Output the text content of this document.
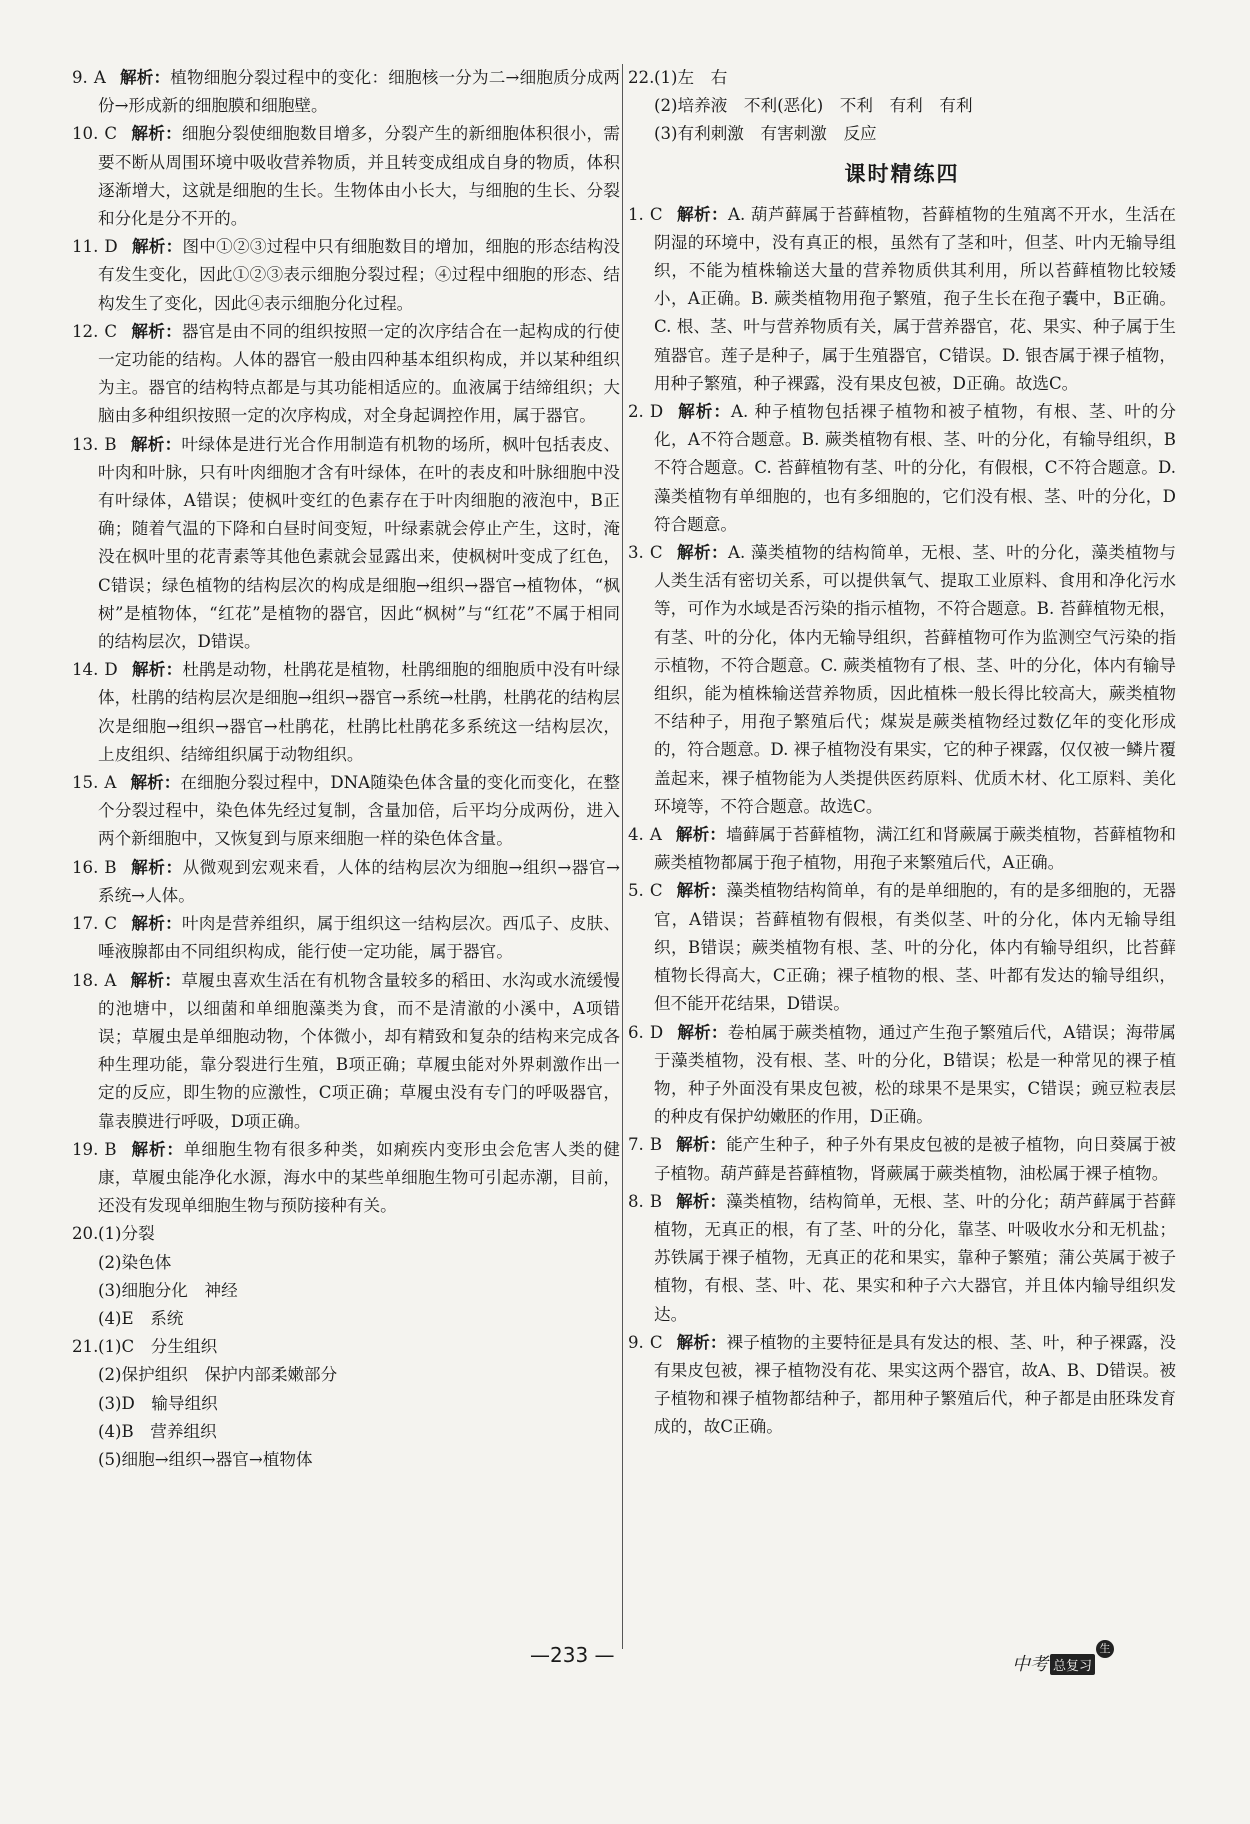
9. A 解析：植物细胞分裂过程中的变化：细胞核一分为二→细胞质分成两份→形成新的细胞膜和细胞壁。

10. C 解析：细胞分裂使细胞数目增多，分裂产生的新细胞体积很小，需要不断从周围环境中吸收营养物质，并且转变成组成自身的物质，体积逐渐增大，这就是细胞的生长。生物体由小长大，与细胞的生长、分裂和分化是分不开的。

11. D 解析：图中①②③过程中只有细胞数目的增加，细胞的形态结构没有发生变化，因此①②③表示细胞分裂过程；④过程中细胞的形态、结构发生了变化，因此④表示细胞分化过程。

12. C 解析：器官是由不同的组织按照一定的次序结合在一起构成的行使一定功能的结构。人体的器官一般由四种基本组织构成，并以某种组织为主。器官的结构特点都是与其功能相适应的。血液属于结缔组织；大脑由多种组织按照一定的次序构成，对全身起调控作用，属于器官。

13. B 解析：叶绿体是进行光合作用制造有机物的场所，枫叶包括表皮、叶肉和叶脉，只有叶肉细胞才含有叶绿体，在叶的表皮和叶脉细胞中没有叶绿体，A错误；使枫叶变红的色素存在于叶肉细胞的液泡中，B正确；随着气温的下降和白昼时间变短，叶绿素就会停止产生，这时，淹没在枫叶里的花青素等其他色素就会显露出来，使枫树叶变成了红色，C错误；绿色植物的结构层次的构成是细胞→组织→器官→植物体，“枫树”是植物体，“红花”是植物的器官，因此“枫树”与“红花”不属于相同的结构层次，D错误。

14. D 解析：杜鹃是动物，杜鹃花是植物，杜鹃细胞的细胞质中没有叶绿体，杜鹃的结构层次是细胞→组织→器官→系统→杜鹃，杜鹃花的结构层次是细胞→组织→器官→杜鹃花，杜鹃比杜鹃花多系统这一结构层次，上皮组织、结缔组织属于动物组织。

15. A 解析：在细胞分裂过程中，DNA随染色体含量的变化而变化，在整个分裂过程中，染色体先经过复制，含量加倍，后平均分成两份，进入两个新细胞中，又恢复到与原来细胞一样的染色体含量。

16. B 解析：从微观到宏观来看，人体的结构层次为细胞→组织→器官→系统→人体。

17. C 解析：叶肉是营养组织，属于组织这一结构层次。西瓜子、皮肤、唾液腺都由不同组织构成，能行使一定功能，属于器官。

18. A 解析：草履虫喜欢生活在有机物含量较多的稻田、水沟或水流缓慢的池塘中，以细菌和单细胞藻类为食，而不是清澈的小溪中，A项错误；草履虫是单细胞动物，个体微小，却有精致和复杂的结构来完成各种生理功能，靠分裂进行生殖，B项正确；草履虫能对外界刺激作出一定的反应，即生物的应激性，C项正确；草履虫没有专门的呼吸器官，靠表膜进行呼吸，D项正确。

19. B 解析：单细胞生物有很多种类，如痢疾内变形虫会危害人类的健康，草履虫能净化水源，海水中的某些单细胞生物可引起赤潮，目前，还没有发现单细胞生物与预防接种有关。

20.(1)分裂

(2)染色体

(3)细胞分化　神经

(4)E　系统

21.(1)C　分生组织

(2)保护组织　保护内部柔嫩部分

(3)D　输导组织

(4)B　营养组织

(5)细胞→组织→器官→植物体

22.(1)左　右

(2)培养液　不利(恶化)　不利　有利　有利

(3)有利刺激　有害刺激　反应

课时精练四

1. C 解析：A. 葫芦藓属于苔藓植物，苔藓植物的生殖离不开水，生活在阴湿的环境中，没有真正的根，虽然有了茎和叶，但茎、叶内无输导组织，不能为植株输送大量的营养物质供其利用，所以苔藓植物比较矮小，A正确。B. 蕨类植物用孢子繁殖，孢子生长在孢子囊中，B正确。C. 根、茎、叶与营养物质有关，属于营养器官，花、果实、种子属于生殖器官。莲子是种子，属于生殖器官，C错误。D. 银杏属于裸子植物，用种子繁殖，种子裸露，没有果皮包被，D正确。故选C。

2. D 解析：A. 种子植物包括裸子植物和被子植物，有根、茎、叶的分化，A不符合题意。B. 蕨类植物有根、茎、叶的分化，有输导组织，B不符合题意。C. 苔藓植物有茎、叶的分化，有假根，C不符合题意。D. 藻类植物有单细胞的，也有多细胞的，它们没有根、茎、叶的分化，D符合题意。

3. C 解析：A. 藻类植物的结构简单，无根、茎、叶的分化，藻类植物与人类生活有密切关系，可以提供氧气、提取工业原料、食用和净化污水等，可作为水域是否污染的指示植物，不符合题意。B. 苔藓植物无根，有茎、叶的分化，体内无输导组织，苔藓植物可作为监测空气污染的指示植物，不符合题意。C. 蕨类植物有了根、茎、叶的分化，体内有输导组织，能为植株输送营养物质，因此植株一般长得比较高大，蕨类植物不结种子，用孢子繁殖后代；煤炭是蕨类植物经过数亿年的变化形成的，符合题意。D. 裸子植物没有果实，它的种子裸露，仅仅被一鳞片覆盖起来，裸子植物能为人类提供医药原料、优质木材、化工原料、美化环境等，不符合题意。故选C。

4. A 解析：墙藓属于苔藓植物，满江红和肾蕨属于蕨类植物，苔藓植物和蕨类植物都属于孢子植物，用孢子来繁殖后代，A正确。

5. C 解析：藻类植物结构简单，有的是单细胞的，有的是多细胞的，无器官，A错误；苔藓植物有假根，有类似茎、叶的分化，体内无输导组织，B错误；蕨类植物有根、茎、叶的分化，体内有输导组织，比苔藓植物长得高大，C正确；裸子植物的根、茎、叶都有发达的输导组织，但不能开花结果，D错误。

6. D 解析：卷柏属于蕨类植物，通过产生孢子繁殖后代，A错误；海带属于藻类植物，没有根、茎、叶的分化，B错误；松是一种常见的裸子植物，种子外面没有果皮包被，松的球果不是果实，C错误；豌豆粒表层的种皮有保护幼嫩胚的作用，D正确。

7. B 解析：能产生种子，种子外有果皮包被的是被子植物，向日葵属于被子植物。葫芦藓是苔藓植物，肾蕨属于蕨类植物，油松属于裸子植物。

8. B 解析：藻类植物，结构简单，无根、茎、叶的分化；葫芦藓属于苔藓植物，无真正的根，有了茎、叶的分化，靠茎、叶吸收水分和无机盐；苏铁属于裸子植物，无真正的花和果实，靠种子繁殖；蒲公英属于被子植物，有根、茎、叶、花、果实和种子六大器官，并且体内输导组织发达。

9. C 解析：裸子植物的主要特征是具有发达的根、茎、叶，种子裸露，没有果皮包被，裸子植物没有花、果实这两个器官，故A、B、D错误。被子植物和裸子植物都结种子，都用种子繁殖后代，种子都是由胚珠发育成的，故C正确。

—233 —	中考 总复习生物
